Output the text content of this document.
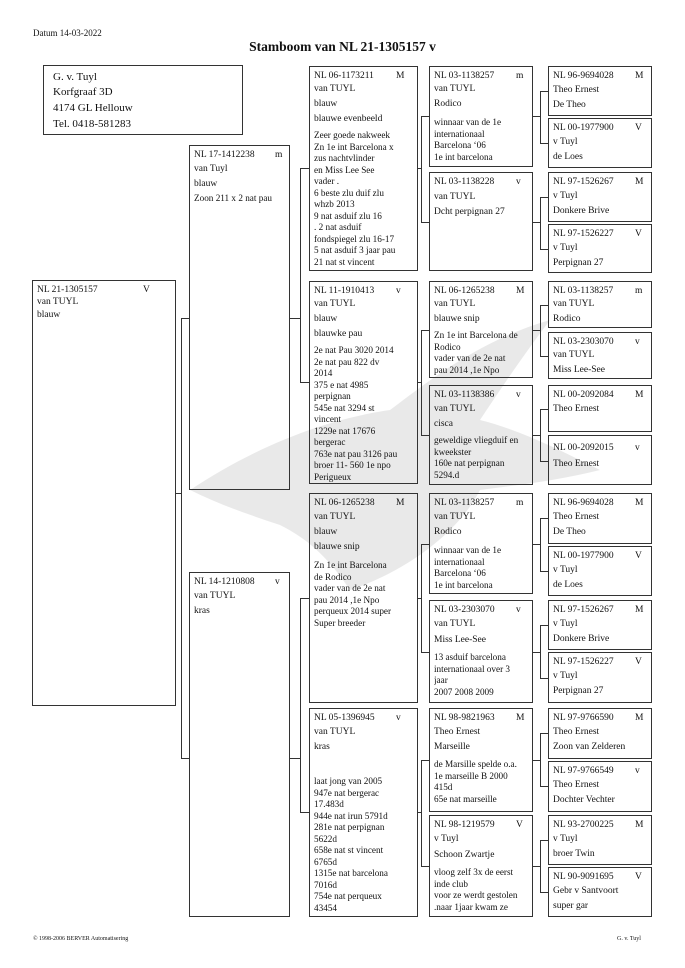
Datum 14-03-2022
Stamboom van NL 21-1305157 v
G. v. Tuyl
Korfgraaf 3D
4174 GL Hellouw
Tel. 0418-581283
NL 21-1305157	V
van TUYL
blauw
NL 17-1412238 m
van Tuyl
blauw
Zoon 211 x 2 nat pau
NL 14-1210808 v
van TUYL
kras
NL 06-1173211 M
van TUYL
blauw
blauwe evenbeeld
Zeer goede nakweek
Zn 1e int Barcelona x
zus nachtvlinder
en Miss Lee See
vader .
6 beste zlu duif zlu
whzb 2013
9 nat asduif zlu 16
. 2 nat asduif
fondspiegel zlu 16-17
5 nat asduif 3 jaar pau
21 nat st vincent
NL 11-1910413 v
van TUYL
blauw
blauwke pau
2e nat Pau 3020 2014
2e nat pau 822 dv
2014
375 e nat 4985
perpignan
545e nat 3294 st
vincent
1229e nat 17676
bergerac
763e nat pau 3126 pau
broer 11- 560 1e npo
Perigueux
NL 06-1265238 M
van TUYL
blauw
blauwe snip
Zn 1e int Barcelona
de Rodico
vader van de 2e nat
pau 2014 ,1e Npo
perqueux 2014 super
Super breeder
NL 05-1396945 v
van TUYL
kras
laat jong van 2005
947e nat bergerac
17.483d
944e nat irun 5791d
281e nat perpignan
5622d
658e nat st vincent
6765d
1315e nat barcelona
7016d
754e nat perqueux
43454
NL 03-1138257 m
van TUYL
Rodico
winnaar van de 1e
internationaal
Barcelona ‘06
1e int barcelona
NL 03-1138228 v
van TUYL
Dcht perpignan 27
NL 06-1265238 M
van TUYL
blauwe snip
Zn 1e int Barcelona de
Rodico
vader van de 2e nat
pau 2014 ,1e Npo
NL 03-1138386 v
van TUYL
cisca
geweldige vliegduif en
kweekster
160e nat perpignan
5294.d
NL 03-1138257 m
van TUYL
Rodico
winnaar van de 1e
internationaal
Barcelona ‘06
1e int barcelona
NL 03-2303070 v
van TUYL
Miss Lee-See
13 asduif barcelona
internationaal over 3
jaar
2007 2008 2009
NL 98-9821963 M
Theo Ernest
Marseille
de Marsille spelde o.a.
1e marseille B 2000
415d
65e nat marseille
NL 98-1219579 V
v Tuyl
Schoon Zwartje
vloog zelf 3x de eerst
inde club
voor ze werdt gestolen
.naar 1jaar kwam ze
NL 96-9694028 M
Theo Ernest
De Theo
NL 00-1977900 V
v Tuyl
de Loes
NL 97-1526267 M
v Tuyl
Donkere Brive
NL 97-1526227 V
v Tuyl
Perpignan 27
NL 03-1138257 m
van TUYL
Rodico
NL 03-2303070 v
van TUYL
Miss Lee-See
NL 00-2092084 M
Theo Ernest
NL 00-2092015 v
Theo Ernest
NL 96-9694028 M
Theo Ernest
De Theo
NL 00-1977900 V
v Tuyl
de Loes
NL 97-1526267 M
v Tuyl
Donkere Brive
NL 97-1526227 V
v Tuyl
Perpignan 27
NL 97-9766590 M
Theo Ernest
Zoon van Zelderen
NL 97-9766549 v
Theo Ernest
Dochter Vechter
NL 93-2700225 M
v Tuyl
broer Twin
NL 90-9091695 V
Gebr v Santvoort
super gar
© 1998-2006 BERVER Automatisering	G. v. Tuyl
